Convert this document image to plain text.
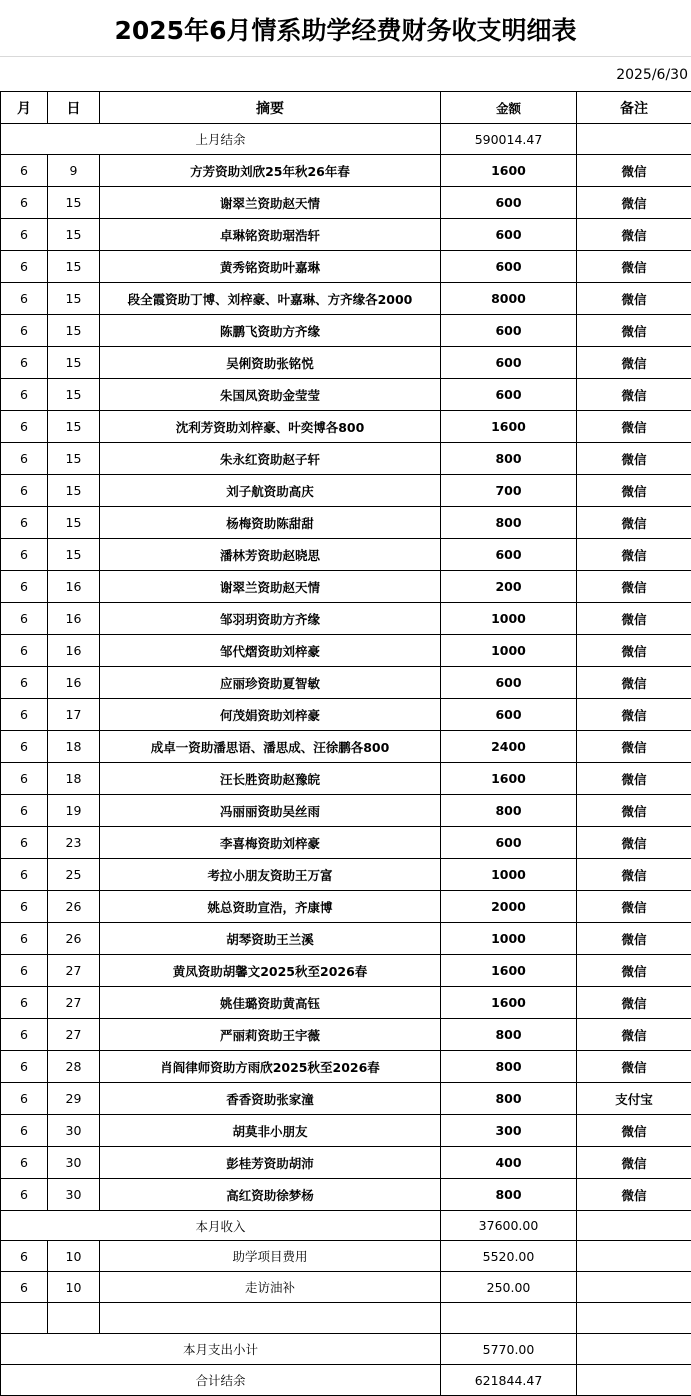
2025年6月情系助学经费财务收支明细表
2025/6/30
月	日	摘要	金额	备注
上月结余			590014.47	
6	9	方芳资助刘欣25年秋26年春	1600	微信
6	15	谢翠兰资助赵天情	600	微信
6	15	卓琳铭资助琚浩轩	600	微信
6	15	黄秀铭资助叶嘉琳	600	微信
6	15	段全霞资助丁博、刘梓豪、叶嘉琳、方齐缘各2000	8000	微信
6	15	陈鹏飞资助方齐缘	600	微信
6	15	吴俐资助张铭悦	600	微信
6	15	朱国凤资助金莹莹	600	微信
6	15	沈利芳资助刘梓豪、叶奕博各800	1600	微信
6	15	朱永红资助赵子轩	800	微信
6	15	刘子航资助高庆	700	微信
6	15	杨梅资助陈甜甜	800	微信
6	15	潘林芳资助赵晓思	600	微信
6	16	谢翠兰资助赵天情	200	微信
6	16	邹羽玥资助方齐缘	1000	微信
6	16	邹代熠资助刘梓豪	1000	微信
6	16	应丽珍资助夏智敏	600	微信
6	17	何茂娟资助刘梓豪	600	微信
6	18	成卓一资助潘思语、潘思成、汪徐鹏各800	2400	微信
6	18	汪长胜资助赵豫皖	1600	微信
6	19	冯丽丽资助吴丝雨	800	微信
6	23	李喜梅资助刘梓豪	600	微信
6	25	考拉小朋友资助王万富	1000	微信
6	26	姚总资助宣浩，齐康博	2000	微信
6	26	胡琴资助王兰溪	1000	微信
6	27	黄凤资助胡馨文2025秋至2026春	1600	微信
6	27	姚佳璐资助黄高钰	1600	微信
6	27	严丽莉资助王宇薇	800	微信
6	28	肖阎律师资助方雨欣2025秋至2026春	800	微信
6	29	香香资助张家潼	800	支付宝
6	30	胡莫非小朋友	300	微信
6	30	彭桂芳资助胡沛	400	微信
6	30	高红资助徐梦杨	800	微信
本月收入			37600.00	
6	10	助学项目费用	5520.00	
6	10	走访油补	250.00	

本月支出小计			5770.00	
合计结余			621844.47	
